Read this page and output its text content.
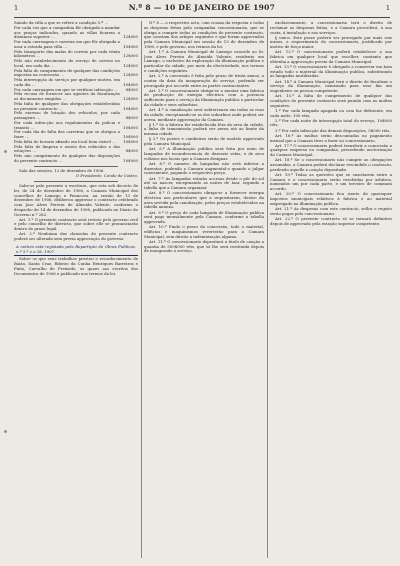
1	N.º 8 — 10 DE JANEIRO DE 1907	1
Saindo da villa a que se refere a condição 5.ª …
Por cada voz que a companhia fôr obrigada a mandar aos praças indicados, quando as villas ficarem a distancia superior …	12$000
Por cada carruagem e carreira em que fôr obrigada a usar a estrada para villa …	10$000
Pelo transporte das malas do correio por cada trinta kilometros …	12$000
Pelo não estabelecimento do serviço de correio no local, em cada dia …	12$000
Pela falta do cumprimento de qualquer das condições impostas na concessão …	12$000
Pela interrupção do serviço por qualquer motivo, em cada dia …	10$000
Por cada carruagem em que se verificar infracção …	8$000
Pela recusa de fornecer aos agentes da fiscalização os documentos exigidos …	12$000
Pela falta de qualquer das obrigações estabelecidas no presente contracto …	10$000
Pelo excesso de lotação dos vehiculos, por cada passageiro …	8$000
Por cada infracção aos regulamentos da policia e transito …	10$000
Por cada dia de falta das carreiras que se obrigou a fazer …	10$000
Pela falta do horario afixado em local bem visivel …	10$000
Pela falta de limpeza e asseio dos vehiculos e das estações …	8$000
Pelo não cumprimento de qualquer das disposições do presente contracto …	10$000

Sala das sessões, 12 de dezembro de 1906.

O Presidente, Conde de Castro.

Sabe-se pelo presente a escritura, que esta sob decreto de lei, de 24 de dezembro de 1906, a Camara Municipal dos concelhos de Lamego e Penacova, na sessão de 13 de dezembro de 1906, deliberou approvar o contracto celebrado com Jose Alves Pereira de Almeida Valente, conforme o despacho de 14 de dezembro de 1906, publicado no Diario do Governo n.º 282.

Art. 1.º O presente contracto será revisto pelo governo civil e pelo conselho de districto, que sobre elle se pronunciarão dentro do prazo legal.

Art. 2.º Nenhuma das clausulas do presente contracto poderá ser alterada sem previa approvação do governo.

A notícia está registada pela Repartição de Obras Publicas, n.º 3.º e o 28, 1907.

Sobre os que seus trabalhos prestou o reconhecimento de Baião, Santa Cruz, Ribeiro da Cunha Henriques Barreiros e Pinto, Carvalho de Freixedo, os quaes aos escritos dos Documentos de 1906 e publicado nos termos da lei.

N.º 8 — o respectivo acto, com cousas da resposta e todas as despesas feitas pela companhia concessionaria, que se obriga a cumprir todas as condições do presente contracto, que constam dos artigos seguintes e que foram approvados pela Camara Municipal em sessão de 13 de dezembro de 1906, e pelo governo, nos termos da lei.

Art. 1.º A Camara Municipal de Lamego concede ao Sr. Jose Alves Pereira de Almeida Valente, residente em Lamego, o exclusivo da exploração da illuminação publica e particular da cidade, por meio da electricidade, nos termos e condições seguintes.

Art. 2.º A concessão é feita pelo prazo de trinta annos, a contar da data da inauguração do serviço, podendo ser prorogada por accordo entre as partes contractantes.

Art. 3.º O concessionario obriga-se a montar uma fabrica de producção de energia electrica com a potencia sufficiente para o serviço da illuminação publica e particular da cidade e seus suburbios.

Art. 4.º A canalização será subterranea em todas as ruas da cidade, exceptuando-se as dos suburbios onde poderá ser aerea, mediante approvação da Camara.

§ 1.º Se a fabrica for estabelecida fóra da area da cidade, a linha de transmissão poderá ser aerea até ao limite da mesma cidade.

§ 2.º Os postes e candieiros serão de modelo approvado pela Camara Municipal.

Art. 5.º A illuminação publica será feita por meio de lampadas de incandescencia de dezeseis velas, e de arco voltaico nos locais que a Camara designar.

Art. 6.º O numero de lampadas não será inferior a duzentas, podendo a Camara augmental-o quando o julgar conveniente, pagando o respectivo preço.

Art. 7.º As lampadas estarão accesas desde o pôr do sol até ao nascer, exceptuando as noites de luar, segundo a tabella que a Camara organizar.

Art. 8.º O concessionario obriga-se a fornecer energia electrica aos particulares que a requisitarem, dentro da area servida pela canalização, pelos preços estabelecidos na tabella annexa.

Art. 9.º O preço de cada lampada de illuminação publica será pago mensalmente pela Camara, conforme a tabella approvada.

Art. 10.º Findo o prazo da concessão, todo o material, edificios e maquinismos reverterão para a Camara Municipal, sem direito a indemnização alguma.

Art. 11.º O concessionario depositará a titulo de caução a quantia de 500$000 réis, que só lhe será restituida depois de inaugurado o serviço.

exclusivamente, a concessionaria terá o direito de reclamar as despesas feitas, e a Camara procederá, á sua custa, á instalação e aos serviços.

§ unico. Este prazo poderá ser prorogado por mais seis meses, a requerimento do concessionario, justificado por motivo de força maior.

Art. 12.º O concessionario poderá estabelecer a sua fabrica em qualquer local que escolher, comtanto que obtenha a approvação previa da Camara Municipal.

Art. 13.º O concessionario é obrigado a conservar em bom estado todo o material da illuminação publica, substituindo as lampadas inutilizadas.

Art. 14.º A Camara Municipal terá o direito de fiscalizar o serviço da illuminação, nomeando para esse fim um engenheiro ou pessoa competente.

Art. 15.º A falta de cumprimento de qualquer das condições do presente contracto será punida com as multas seguintes:

1.º Por cada lampada apagada ou com luz deficiente, em cada noite, 100 réis;

2.º Por cada noite de interrupção total do serviço, 10$000 réis;

3.º Por cada infracção das demais disposições, 5$000 réis.

Art. 16.º As multas serão descontadas no pagamento mensal que a Camara tiver a fazer ao concessionario.

Art. 17.º O concessionario poderá transferir a concessão a qualquer empresa ou companhia, precedendo auctorização da Camara Municipal.

Art. 18.º Se o concessionario não cumprir as obrigações assumidas, a Camara poderá declarar rescindido o contracto, perdendo aquelle a caução depositada.

Art. 19.º Todas as questões que se suscitarem entre a Camara e o concessionario serão resolvidas por arbitros, nomeados um por cada parte, e um terceiro de commum accordo.

Art. 20.º O concessionario fica isento de quaesquer impostos municipais relativos á fabrica e ao material empregado na illuminação publica.

Art. 21.º As despesas com este contracto, sellos e registo serão pagas pelo concessionario.

Art. 22.º O presente contracto só se tornará definitivo depois de approvado pela estação superior competente.
